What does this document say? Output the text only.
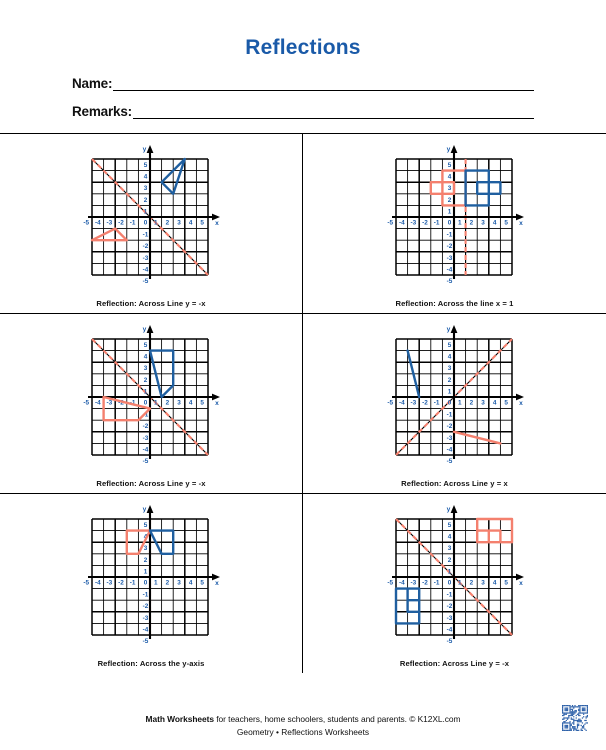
Reflections
Name:
Remarks:
-5 -4 -3 -2 -1	1 2 3 4 5
-5
-4
-3
-2
-1
1
2
3
4
5
0	x
y
Reflection: Across Line y = -x
-5 -4 -3 -2 -1	1 2 3 4 5
-5
-4
-3
-2
-1
1
2
3
4
5
0	x
y
Reflection: Across the line x = 1
-5 -4 -3 -2 -1	1 2 3 4 5
-5
-4
-3
-2
-1
1
2
3
4
5
0	x
y
Reflection: Across Line y = -x
-5 -4 -3 -2 -1	1 2 3 4 5
-5
-4
-3
-2
-1
1
2
3
4
5
0	x
y
Reflection: Across Line y = x
-5 -4 -3 -2 -1	1 2 3 4 5
-5
-4
-3
-2
-1
1
2
3
4
5
0	x
y
Reflection: Across the y-axis
-5 -4 -3 -2 -1	1 2 3 4 5
-5
-4
-3
-2
-1
1
2
3
4
5
0	x
y
Reflection: Across Line y = -x
Math Worksheets for teachers, home schoolers, students and parents. © K12XL.com
Geometry • Reflections Worksheets
